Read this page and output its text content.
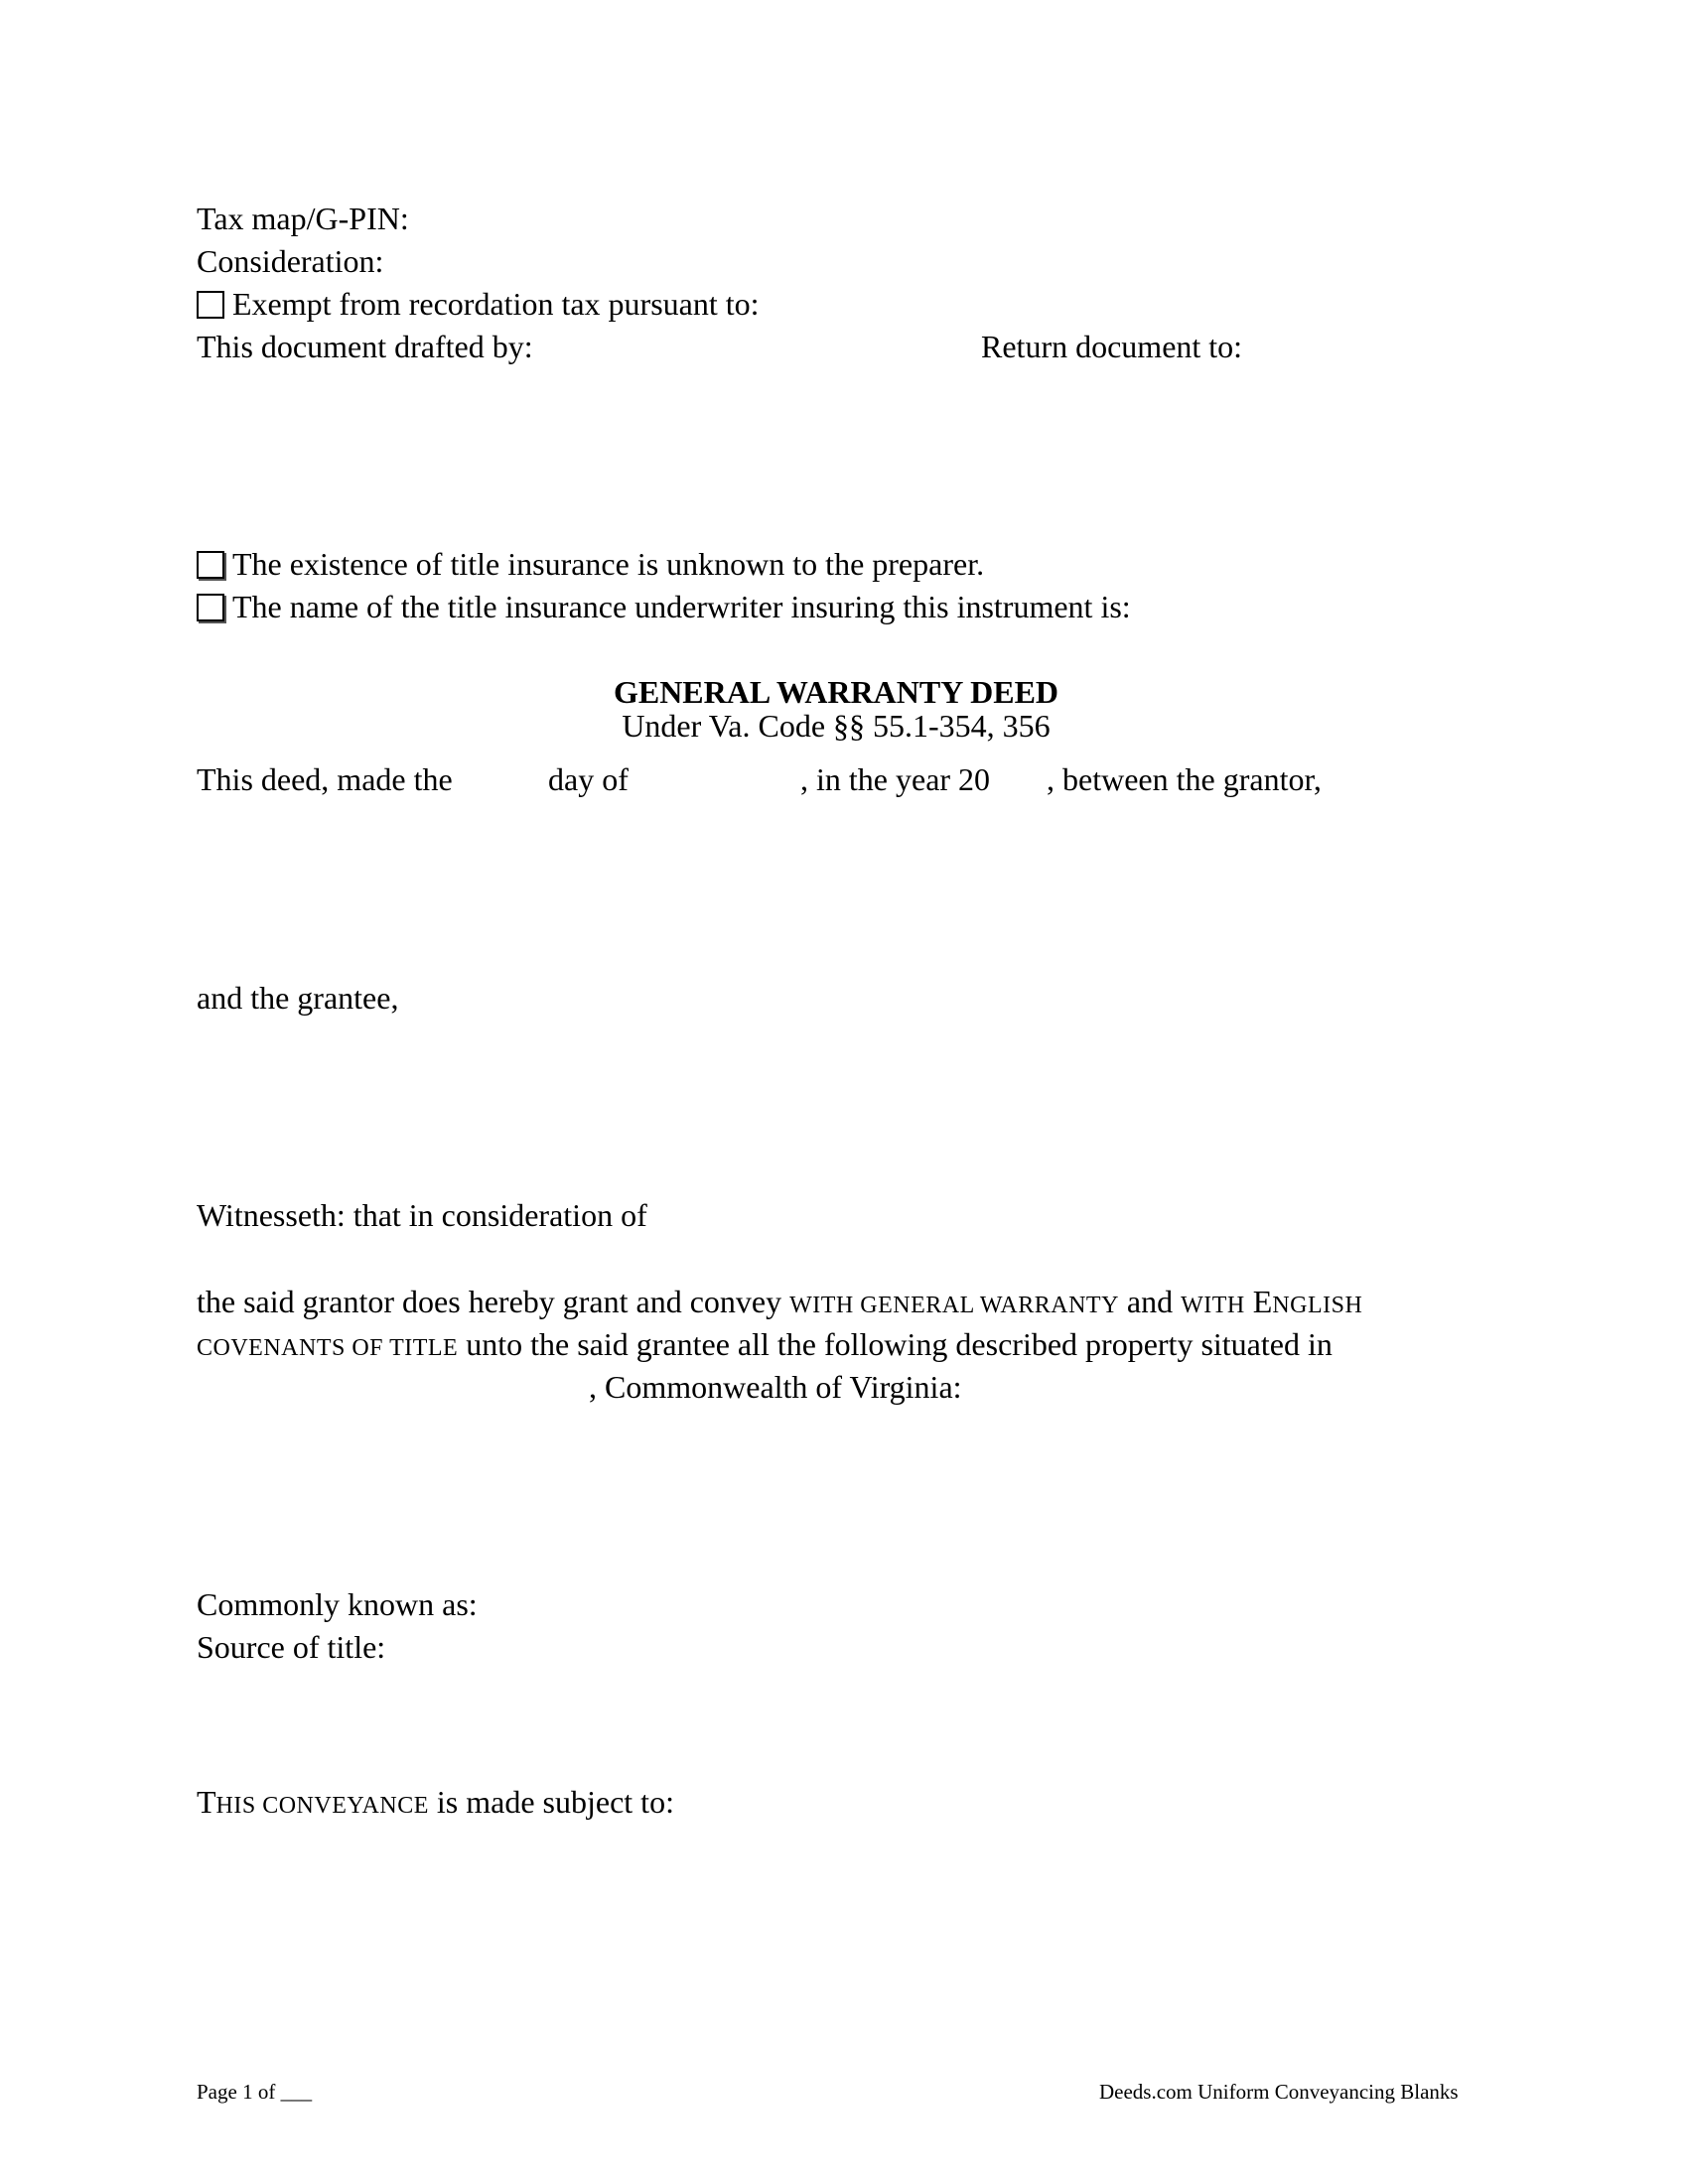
Tax map/G-PIN:
Consideration:
Exempt from recordation tax pursuant to:
This document drafted by:	Return document to:
The existence of title insurance is unknown to the preparer.
The name of the title insurance underwriter insuring this instrument is:
GENERAL WARRANTY DEED
Under Va. Code §§ 55.1-354, 356
This deed, made the	day of	, in the year 20 , between the grantor,
and the grantee,
Witnesseth: that in consideration of
the said grantor does hereby grant and convey WITH GENERAL WARRANTY and WITH ENGLISH
COVENANTS OF TITLE unto the said grantee all the following described property situated in
, Commonwealth of Virginia:
Commonly known as:
Source of title:
THIS CONVEYANCE is made subject to:
Page 1 of ___	Deeds.com Uniform Conveyancing Blanks
